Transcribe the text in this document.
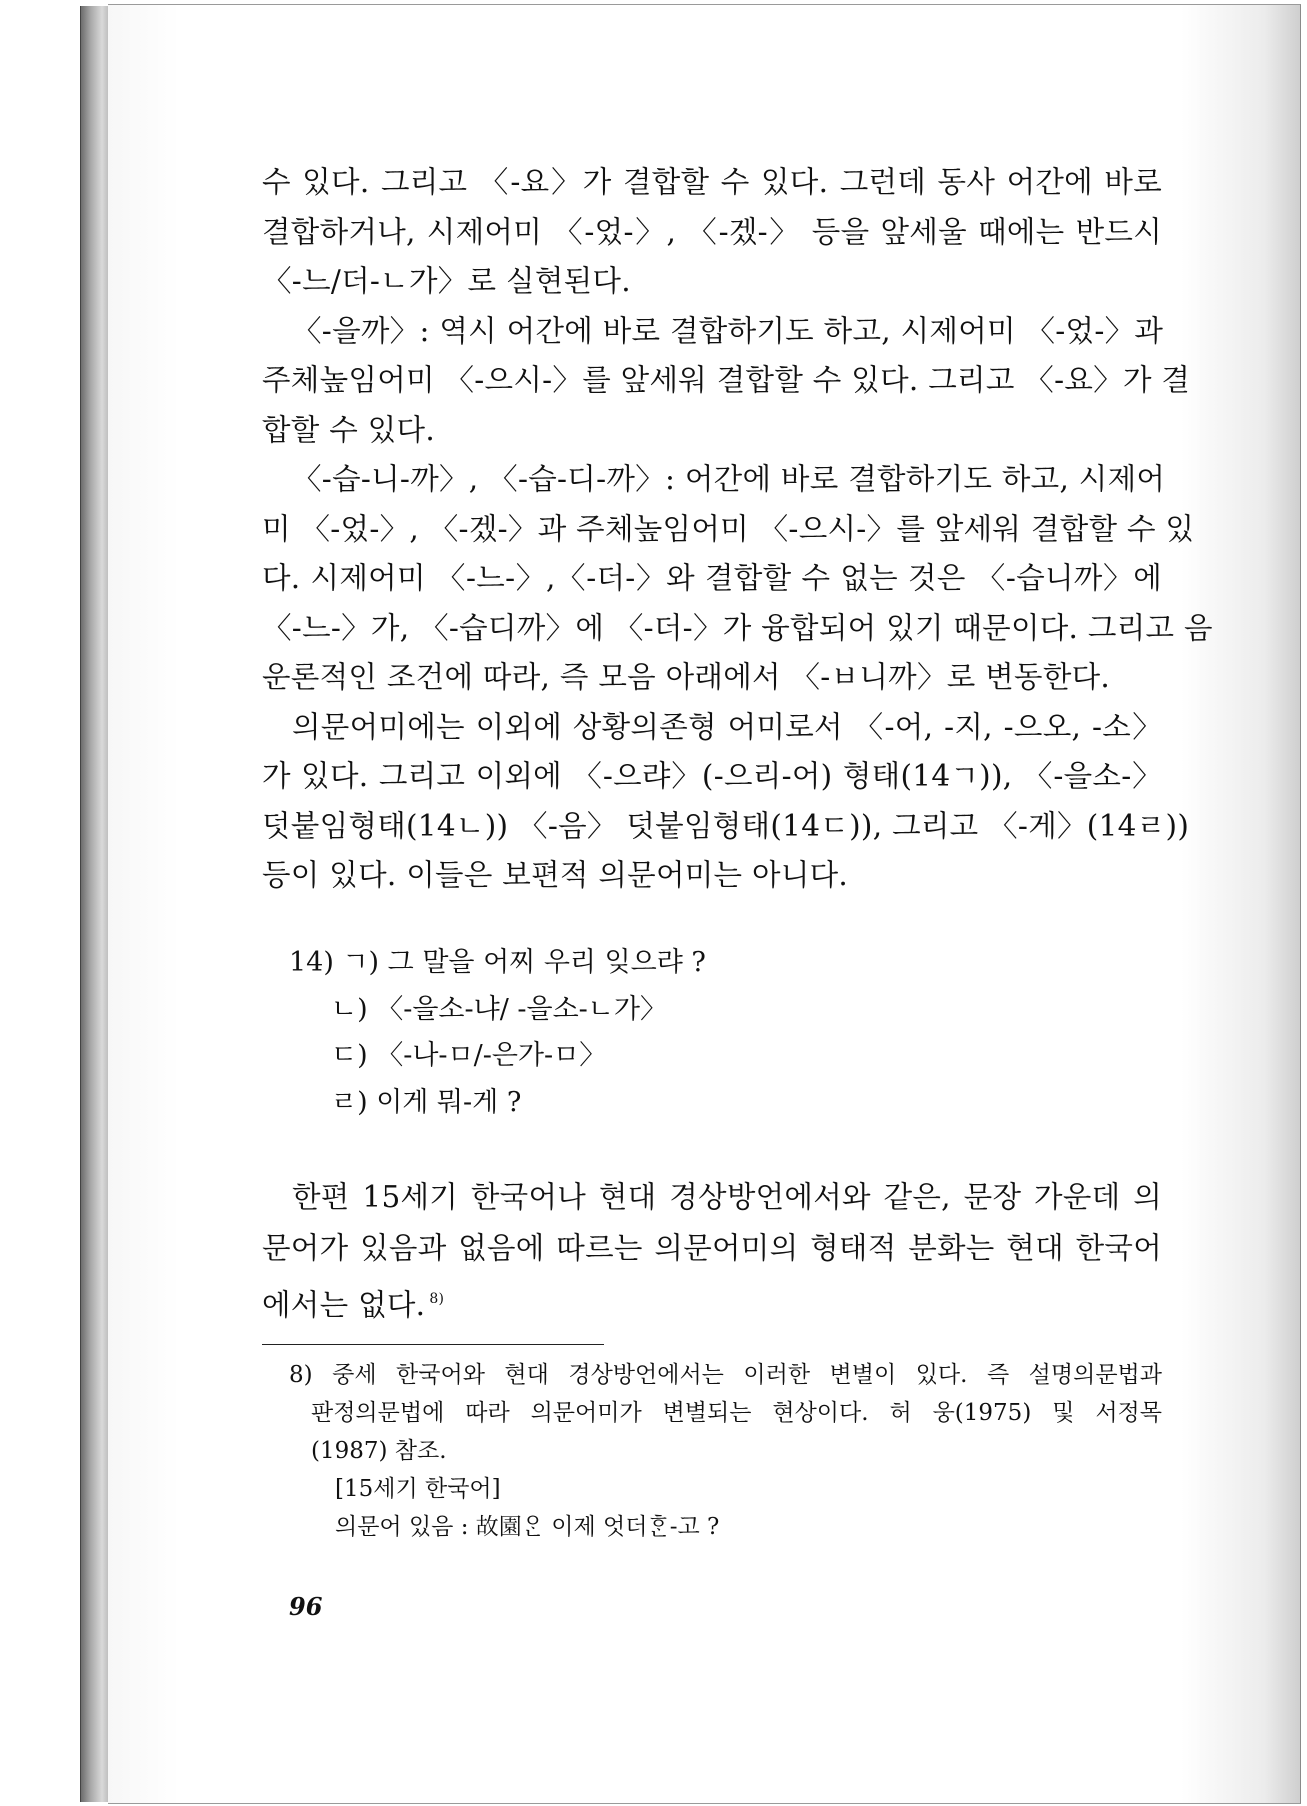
수 있다. 그리고 〈-요〉가 결합할 수 있다. 그런데 동사 어간에 바로
결합하거나, 시제어미 〈-었-〉, 〈-겠-〉 등을 앞세울 때에는 반드시
〈-느/더-ㄴ가〉로 실현된다.
〈-을까〉: 역시 어간에 바로 결합하기도 하고, 시제어미 〈-었-〉과
주체높임어미 〈-으시-〉를 앞세워 결합할 수 있다. 그리고 〈-요〉가 결
합할 수 있다.
〈-습-니-까〉, 〈-습-디-까〉: 어간에 바로 결합하기도 하고, 시제어
미 〈-었-〉, 〈-겠-〉과 주체높임어미 〈-으시-〉를 앞세워 결합할 수 있
다. 시제어미 〈-느-〉,〈-더-〉와 결합할 수 없는 것은 〈-습니까〉에
〈-느-〉가, 〈-습디까〉에 〈-더-〉가 융합되어 있기 때문이다. 그리고 음
운론적인 조건에 따라, 즉 모음 아래에서 〈-ㅂ니까〉로 변동한다.
의문어미에는 이외에 상황의존형 어미로서 〈-어, -지, -으오, -소〉
가 있다. 그리고 이외에 〈-으랴〉(-으리-어) 형태(14ㄱ)), 〈-을소-〉
덧붙임형태(14ㄴ)) 〈-음〉 덧붙임형태(14ㄷ)), 그리고 〈-게〉(14ㄹ))
등이 있다. 이들은 보편적 의문어미는 아니다.
14) ㄱ) 그 말을 어찌 우리 잊으랴 ?
ㄴ) 〈-을소-냐/ -을소-ㄴ가〉
ㄷ) 〈-나-ㅁ/-은가-ㅁ〉
ㄹ) 이게 뭐-게 ?
한편 15세기 한국어나 현대 경상방언에서와 같은, 문장 가운데 의
문어가 있음과 없음에 따르는 의문어미의 형태적 분화는 현대 한국어
에서는 없다. $^{8)}$
8) 중세 한국어와 현대 경상방언에서는 이러한 변별이 있다. 즉 설명의문법과
판정의문법에 따라 의문어미가 변별되는 현상이다. 허 웅(1975) 및 서정목
(1987) 참조.
[15세기 한국어]
의문어 있음 : 故園ᄋᆞᆫ 이제 엇더ᄒᆞᆫ-고 ?
96
